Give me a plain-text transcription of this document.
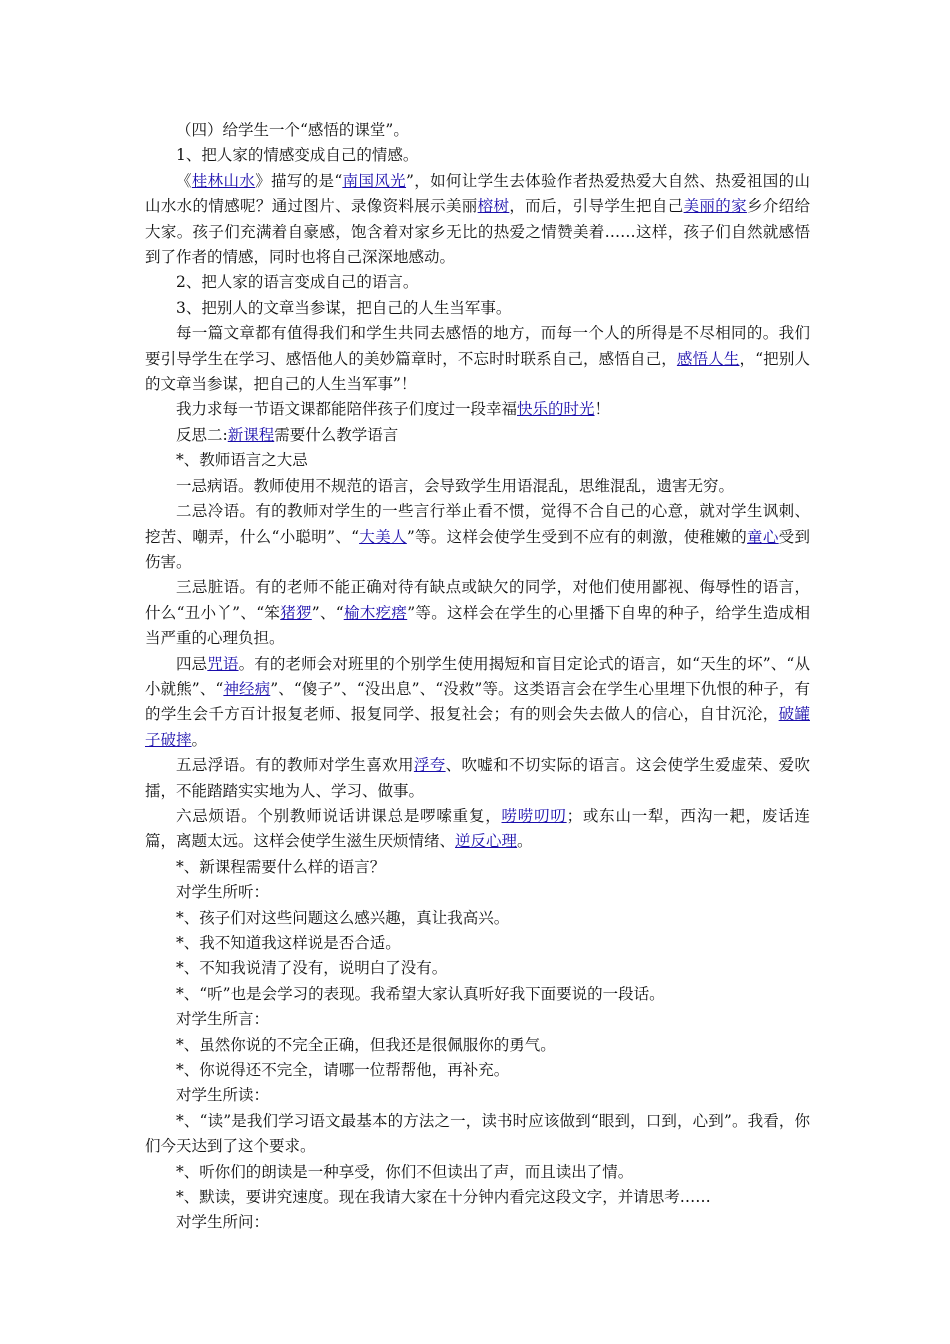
（四）给学生一个“感悟的课堂”。

1、把人家的情感变成自己的情感。

《桂林山水》描写的是“南国风光”，如何让学生去体验作者热爱热爱大自然、热爱祖国的山山水水的情感呢？通过图片、录像资料展示美丽榕树，而后，引导学生把自己美丽的家乡介绍给大家。孩子们充满着自豪感，饱含着对家乡无比的热爱之情赞美着……这样，孩子们自然就感悟到了作者的情感，同时也将自己深深地感动。

2、把人家的语言变成自己的语言。

3、把别人的文章当参谋，把自己的人生当军事。

每一篇文章都有值得我们和学生共同去感悟的地方，而每一个人的所得是不尽相同的。我们要引导学生在学习、感悟他人的美妙篇章时，不忘时时联系自己，感悟自己，感悟人生，“把别人的文章当参谋，把自己的人生当军事”！

我力求每一节语文课都能陪伴孩子们度过一段幸福快乐的时光！

反思二:新课程需要什么教学语言

*、教师语言之大忌

一忌病语。教师使用不规范的语言，会导致学生用语混乱，思维混乱，遗害无穷。

二忌冷语。有的教师对学生的一些言行举止看不惯，觉得不合自己的心意，就对学生讽刺、挖苦、嘲弄，什么“小聪明”、“大美人”等。这样会使学生受到不应有的刺激，使稚嫩的童心受到伤害。

三忌脏语。有的老师不能正确对待有缺点或缺欠的同学，对他们使用鄙视、侮辱性的语言，什么“丑小丫”、“笨猪猡”、“榆木疙瘩”等。这样会在学生的心里播下自卑的种子，给学生造成相当严重的心理负担。

四忌咒语。有的老师会对班里的个别学生使用揭短和盲目定论式的语言，如“天生的坏”、“从小就熊”、“神经病”、“傻子”、“没出息”、“没救”等。这类语言会在学生心里埋下仇恨的种子，有的学生会千方百计报复老师、报复同学、报复社会；有的则会失去做人的信心，自甘沉沦，破罐子破摔。

五忌浮语。有的教师对学生喜欢用浮夸、吹嘘和不切实际的语言。这会使学生爱虚荣、爱吹擂，不能踏踏实实地为人、学习、做事。

六忌烦语。个别教师说话讲课总是啰嗦重复，唠唠叨叨；或东山一犁，西沟一耙，废话连篇，离题太远。这样会使学生滋生厌烦情绪、逆反心理。

*、新课程需要什么样的语言？

对学生所听：

*、孩子们对这些问题这么感兴趣，真让我高兴。

*、我不知道我这样说是否合适。

*、不知我说清了没有，说明白了没有。

*、“听”也是会学习的表现。我希望大家认真听好我下面要说的一段话。

对学生所言：

*、虽然你说的不完全正确，但我还是很佩服你的勇气。

*、你说得还不完全，请哪一位帮帮他，再补充。

对学生所读：

*、“读”是我们学习语文最基本的方法之一，读书时应该做到“眼到，口到，心到”。我看，你们今天达到了这个要求。

*、听你们的朗读是一种享受，你们不但读出了声，而且读出了情。

*、默读，要讲究速度。现在我请大家在十分钟内看完这段文字，并请思考……

对学生所问：
